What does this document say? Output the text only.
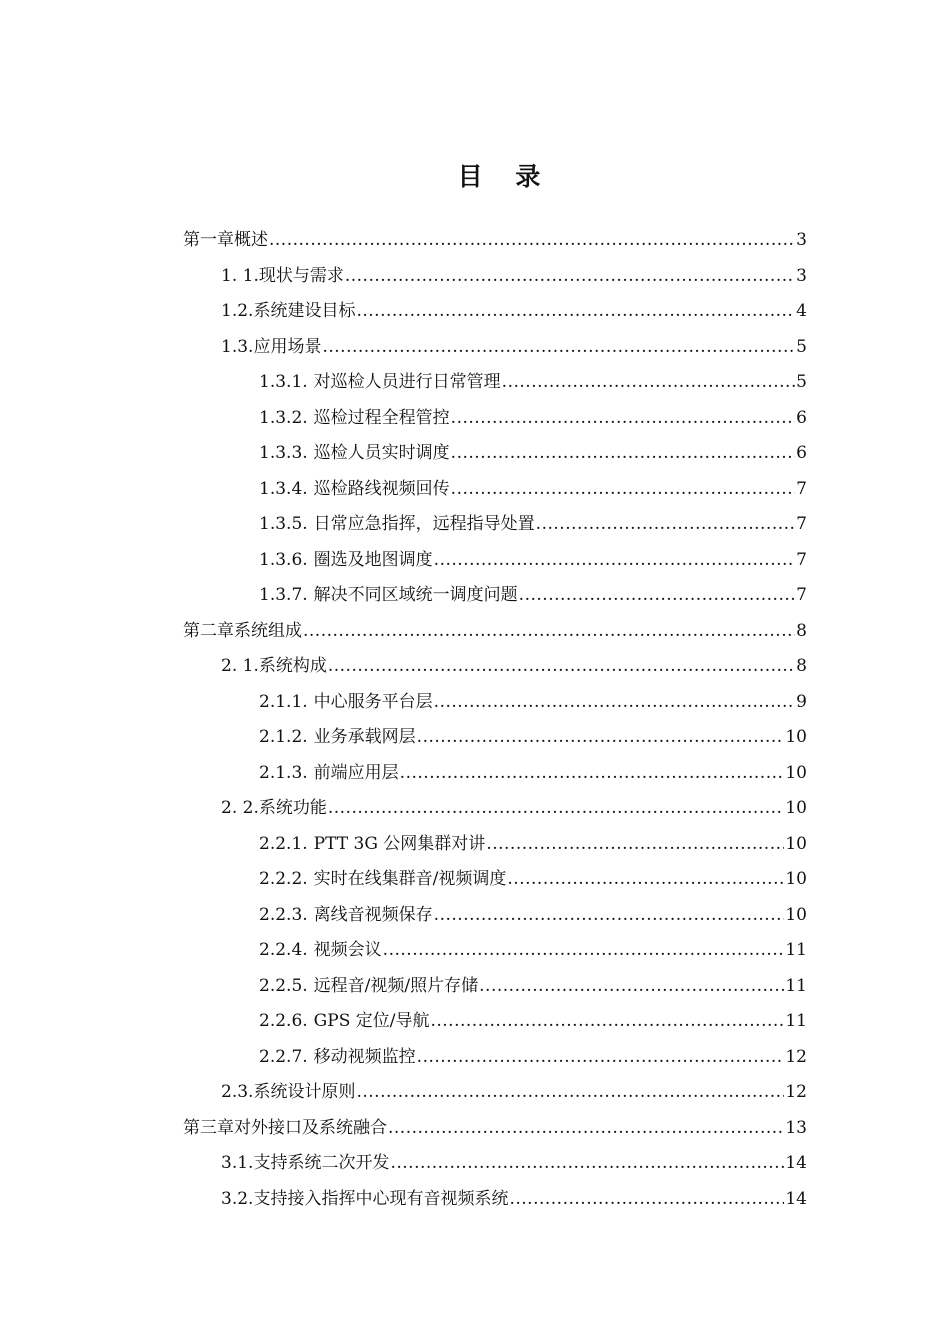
目 录
第一章 概述 .....	3
1. 1. 现状与需求 .....	3
1.2. 系统建设目标 .....	4
1.3. 应用场景 .....	5
1.3.1. 对巡检人员进行日常管理 .....	5
1.3.2. 巡检过程全程管控 .....	6
1.3.3. 巡检人员实时调度 .....	6
1.3.4. 巡检路线视频回传 .....	7
1.3.5. 日常应急指挥，远程指导处置 .....	7
1.3.6. 圈选及地图调度 .....	7
1.3.7. 解决不同区域统一调度问题 .....	7
第二章 系统组成 .....	8
2. 1. 系统构成 .....	8
2.1.1. 中心服务平台层 .....	9
2.1.2. 业务承载网层 .....	10
2.1.3. 前端应用层 .....	10
2. 2. 系统功能 .....	10
2.2.1. PTT 3G 公网集群对讲 .....	10
2.2.2. 实时在线集群音/视频调度 .....	10
2.2.3. 离线音视频保存 .....	10
2.2.4. 视频会议 .....	11
2.2.5. 远程音/视频/照片存储 .....	11
2.2.6. GPS 定位/导航 .....	11
2.2.7. 移动视频监控 .....	12
2.3. 系统设计原则 .....	12
第三章 对外接口及系统融合 .....	13
3.1. 支持系统二次开发 .....	14
3.2. 支持接入指挥中心现有音视频系统 .....	14
